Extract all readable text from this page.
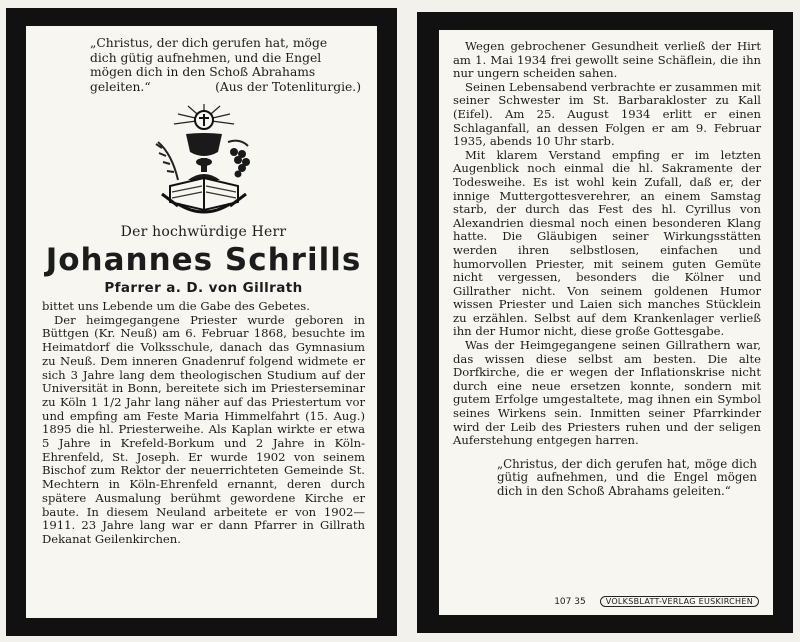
„Christus, der dich gerufen hat, möge

dich gütig aufnehmen, und die Engel

mögen dich in den Schoß Abrahams

geleiten.“	(Aus der Totenliturgie.)

Der hochwürdige Herr
Johannes Schrills
Pfarrer a. D. von Gillrath

bittet uns Lebende um die Gabe des Gebetes.

Der heimgegangene Priester wurde geboren in Büttgen (Kr. Neuß) am 6. Februar 1868, besuchte im Heimatdorf die Volksschule, danach das Gymnasium zu Neuß. Dem inneren Gnadenruf folgend widmete er sich 3 Jahre lang dem theologischen Studium auf der Universität in Bonn, bereitete sich im Priesterseminar zu Köln 1 1/2 Jahr lang näher auf das Priestertum vor und empfing am Feste Maria Himmelfahrt (15. Aug.) 1895 die hl. Priesterweihe. Als Kaplan wirkte er etwa 5 Jahre in Krefeld-Borkum und 2 Jahre in Köln-Ehrenfeld, St. Joseph. Er wurde 1902 von seinem Bischof zum Rektor der neuerrichteten Gemeinde St. Mechtern in Köln-Ehrenfeld ernannt, deren durch spätere Ausmalung berühmt gewordene Kirche er baute. In diesem Neuland arbeitete er von 1902—1911. 23 Jahre lang war er dann Pfarrer in Gillrath Dekanat Geilenkirchen.

Wegen gebrochener Gesundheit verließ der Hirt am 1. Mai 1934 frei gewollt seine Schäflein, die ihn nur ungern scheiden sahen.

Seinen Lebensabend verbrachte er zusammen mit seiner Schwester im St. Barbarakloster zu Kall (Eifel). Am 25. August 1934 erlitt er einen Schlaganfall, an dessen Folgen er am 9. Februar 1935, abends 10 Uhr starb.

Mit klarem Verstand empfing er im letzten Augenblick noch einmal die hl. Sakramente der Todesweihe. Es ist wohl kein Zufall, daß er, der innige Muttergottesverehrer, an einem Samstag starb, der durch das Fest des hl. Cyrillus von Alexandrien diesmal noch einen besonderen Klang hatte. Die Gläubigen seiner Wirkungsstätten werden ihren selbstlosen, einfachen und humorvollen Priester, mit seinem guten Gemüte nicht vergessen, besonders die Kölner und Gillrather nicht. Von seinem goldenen Humor wissen Priester und Laien sich manches Stücklein zu erzählen. Selbst auf dem Krankenlager verließ ihn der Humor nicht, diese große Gottesgabe.

Was der Heimgegangene seinen Gillrathern war, das wissen diese selbst am besten. Die alte Dorfkirche, die er wegen der Inflationskrise nicht durch eine neue ersetzen konnte, sondern mit gutem Erfolge umgestaltete, mag ihnen ein Symbol seines Wirkens sein. Inmitten seiner Pfarrkinder wird der Leib des Priesters ruhen und der seligen Auferstehung entgegen harren.

„Christus, der dich gerufen hat, möge dich gütig aufnehmen, und die Engel mögen dich in den Schoß Abrahams geleiten.“
107 35	VOLKSBLATT-VERLAG EUSKIRCHEN
